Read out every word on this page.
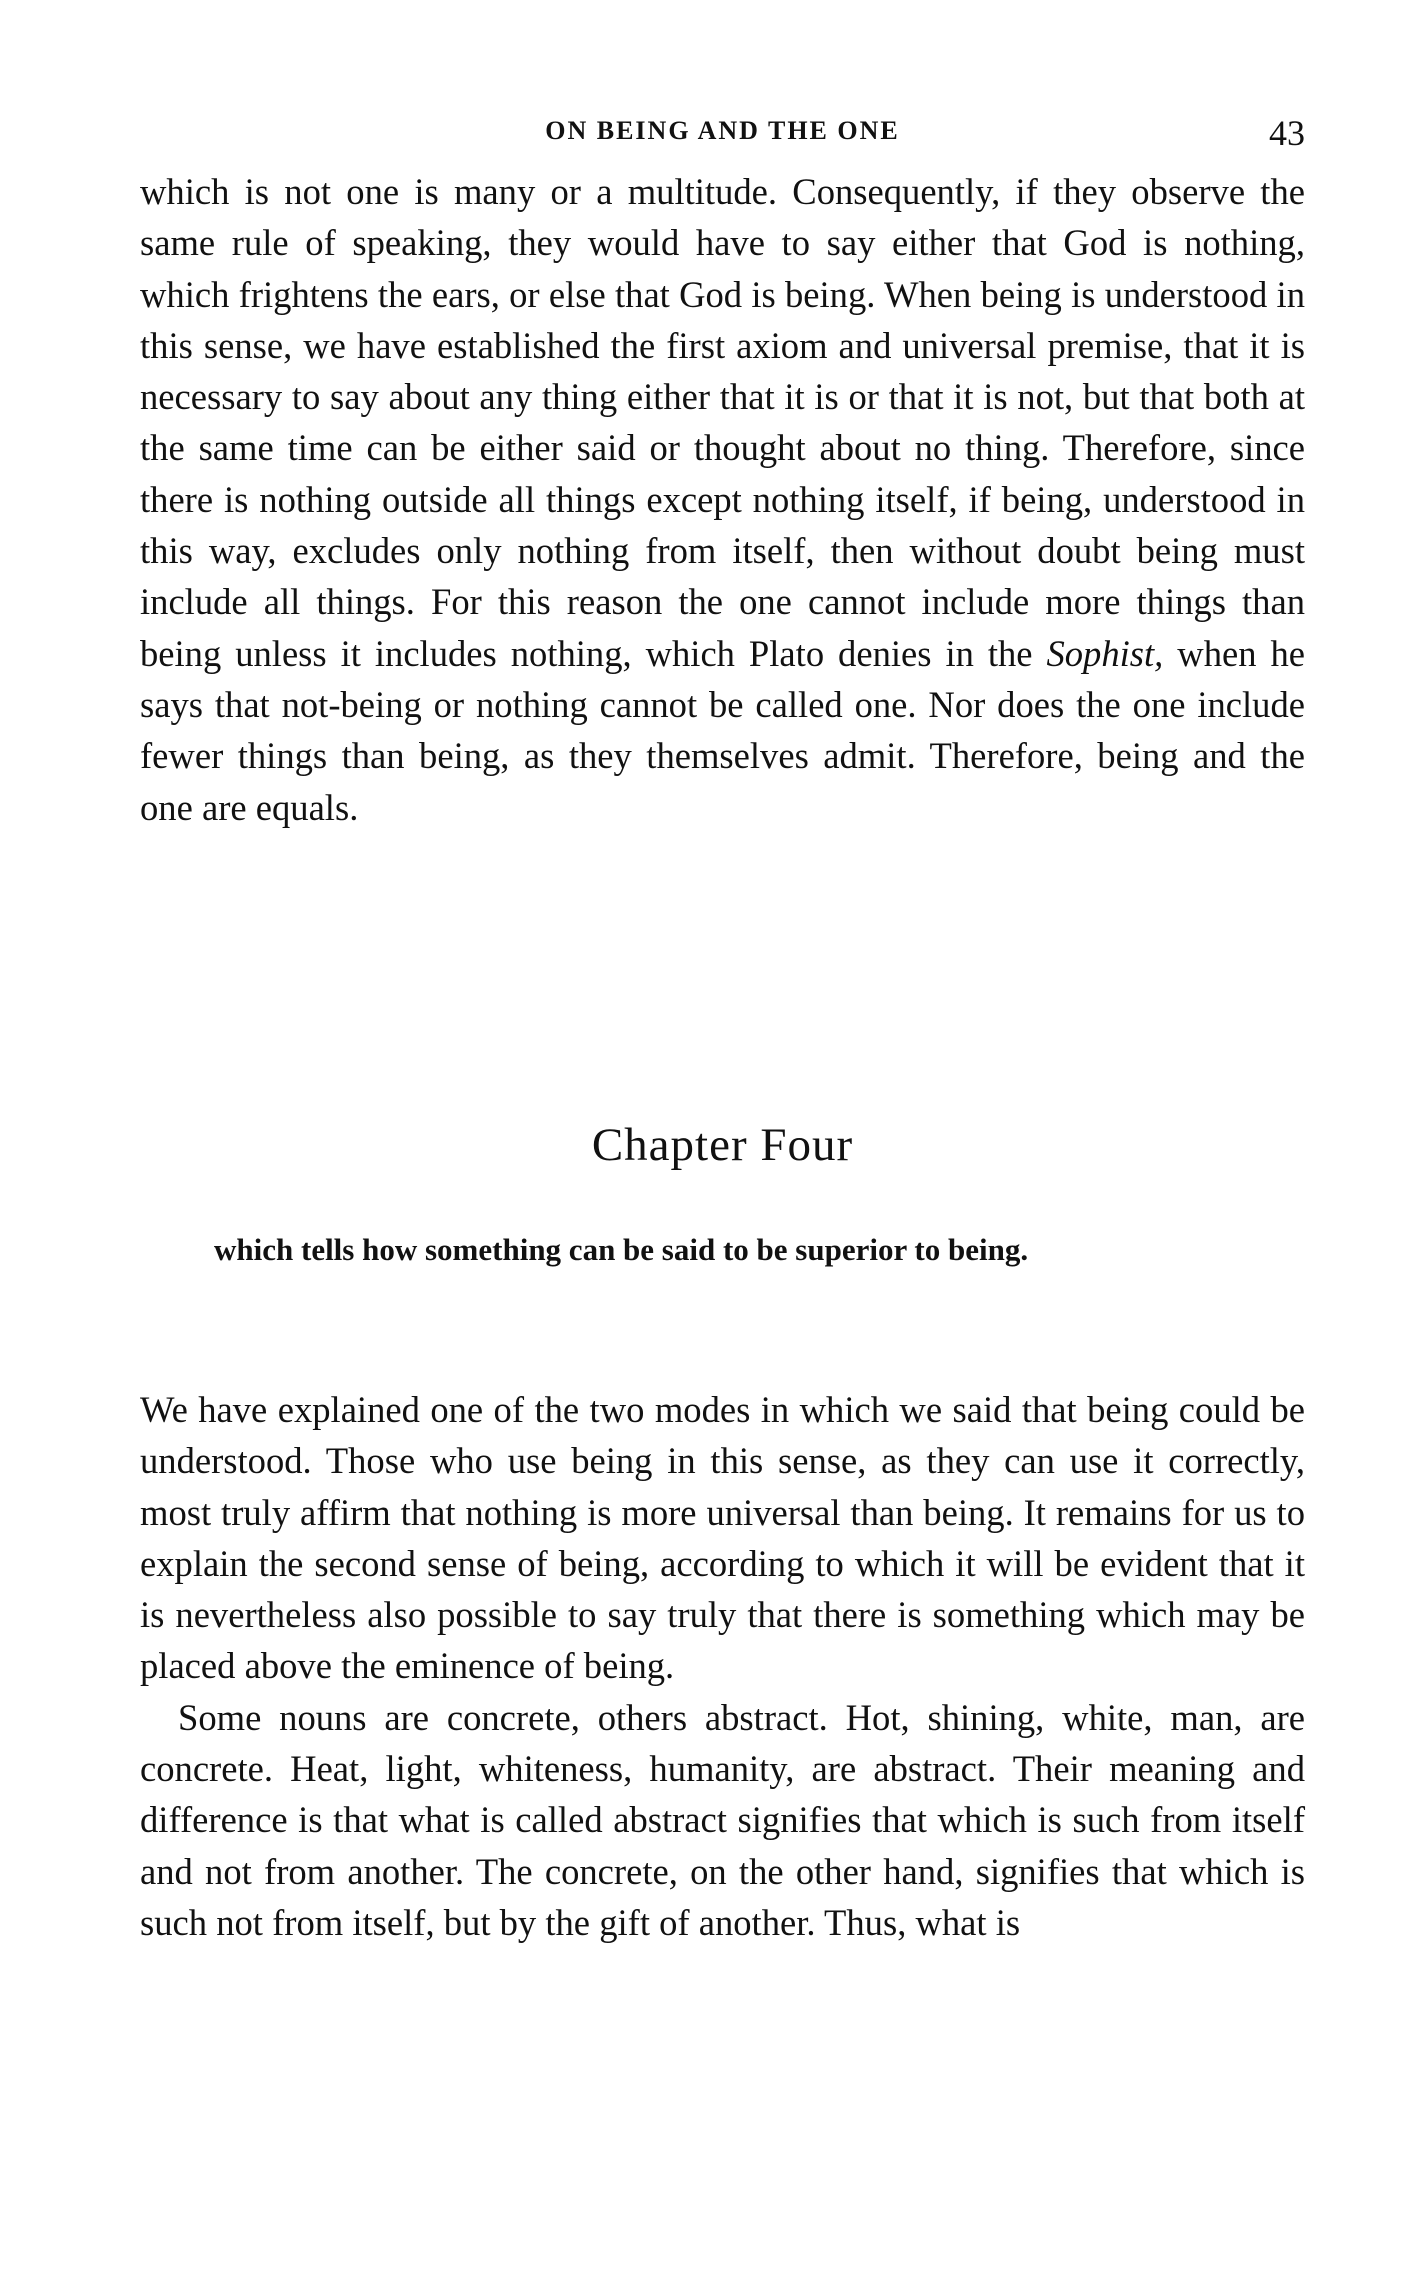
ON BEING AND THE ONE	43

which is not one is many or a multitude. Consequently, if they observe the same rule of speaking, they would have to say either that God is nothing, which frightens the ears, or else that God is being. When being is understood in this sense, we have established the first axiom and universal premise, that it is necessary to say about any thing either that it is or that it is not, but that both at the same time can be either said or thought about no thing. Therefore, since there is nothing outside all things except nothing itself, if being, understood in this way, excludes only nothing from itself, then without doubt being must include all things. For this reason the one cannot include more things than being unless it includes nothing, which Plato denies in the Sophist, when he says that not-being or nothing cannot be called one. Nor does the one include fewer things than being, as they themselves admit. Therefore, being and the one are equals.

Chapter Four
which tells how something can be said to be superior to being.

We have explained one of the two modes in which we said that being could be understood. Those who use being in this sense, as they can use it correctly, most truly affirm that nothing is more universal than being. It remains for us to explain the second sense of being, according to which it will be evident that it is nevertheless also possible to say truly that there is something which may be placed above the eminence of being.

Some nouns are concrete, others abstract. Hot, shining, white, man, are concrete. Heat, light, whiteness, humanity, are abstract. Their meaning and difference is that what is called abstract signifies that which is such from itself and not from another. The concrete, on the other hand, signifies that which is such not from itself, but by the gift of another. Thus, what is
